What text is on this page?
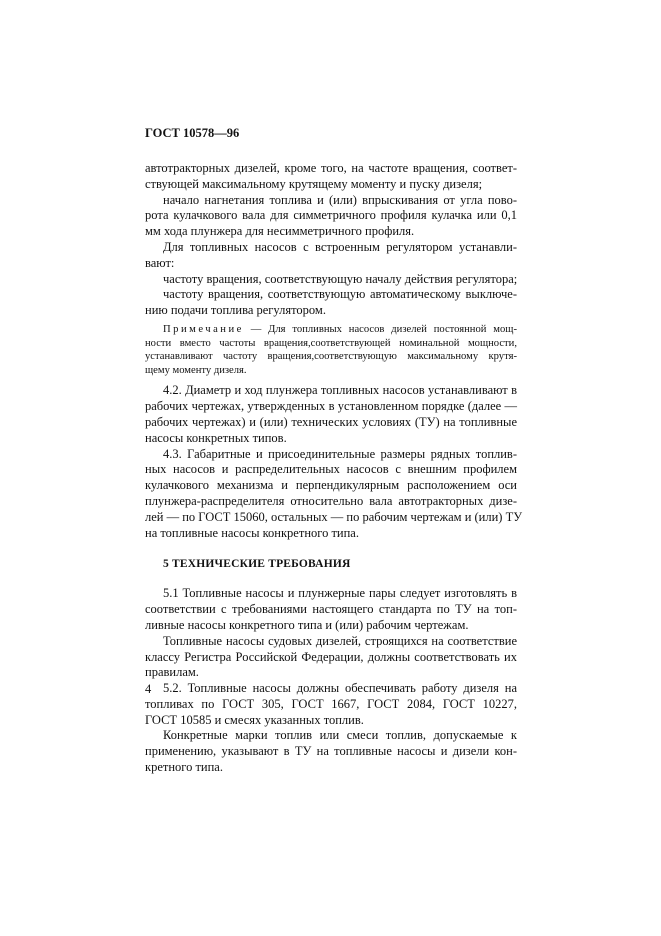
ГОСТ 10578—96
автотракторных дизелей, кроме того, на частоте вращения, соответ-
ствующей максимальному крутящему моменту и пуску дизеля;
начало нагнетания топлива и (или) впрыскивания от угла пово-
рота кулачкового вала для симметричного профиля кулачка или 0,1
мм хода плунжера для несимметричного профиля.
Для топливных насосов с встроенным регулятором устанавли-
вают:
частоту вращения, соответствующую началу действия регулятора;
частоту вращения, соответствующую автоматическому выключе-
нию подачи топлива регулятором.
Примечание — Для топливных насосов дизелей постоянной мощ-
ности вместо частоты вращения,соответствующей номинальной мощности,
устанавливают частоту вращения,соответствующую максимальному крутя-
щему моменту дизеля.
4.2. Диаметр и ход плунжера топливных насосов устанавливают в
рабочих чертежах, утвержденных в установленном порядке (далее —
рабочих чертежах) и (или) технических условиях (ТУ) на топливные
насосы конкретных типов.
4.3. Габаритные и присоединительные размеры рядных топлив-
ных насосов и распределительных насосов с внешним профилем
кулачкового механизма и перпендикулярным расположением оси
плунжера-распределителя относительно вала автотракторных дизе-
лей — по ГОСТ 15060, остальных — по рабочим чертежам и (или) ТУ
на топливные насосы конкретного типа.
5 ТЕХНИЧЕСКИЕ ТРЕБОВАНИЯ
5.1 Топливные насосы и плунжерные пары следует изготовлять в
соответствии с требованиями настоящего стандарта по ТУ на топ-
ливные насосы конкретного типа и (или) рабочим чертежам.
Топливные насосы судовых дизелей, строящихся на соответствие
классу Регистра Российской Федерации, должны соответствовать их
правилам.
5.2. Топливные насосы должны обеспечивать работу дизеля на
топливах по ГОСТ 305, ГОСТ 1667, ГОСТ 2084, ГОСТ 10227,
ГОСТ 10585 и смесях указанных топлив.
Конкретные марки топлив или смеси топлив, допускаемые к
применению, указывают в ТУ на топливные насосы и дизели кон-
кретного типа.
4
